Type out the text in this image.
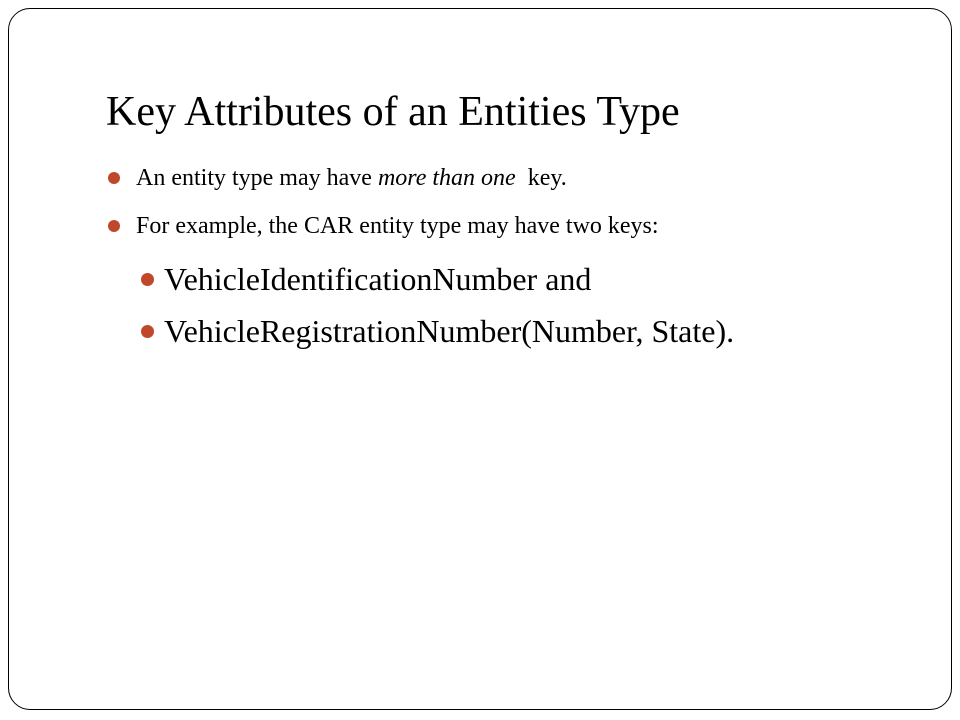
Key Attributes of an Entities Type
An entity type may have more than one  key.
For example, the CAR entity type may have two keys:
VehicleIdentificationNumber and
VehicleRegistrationNumber(Number, State).
